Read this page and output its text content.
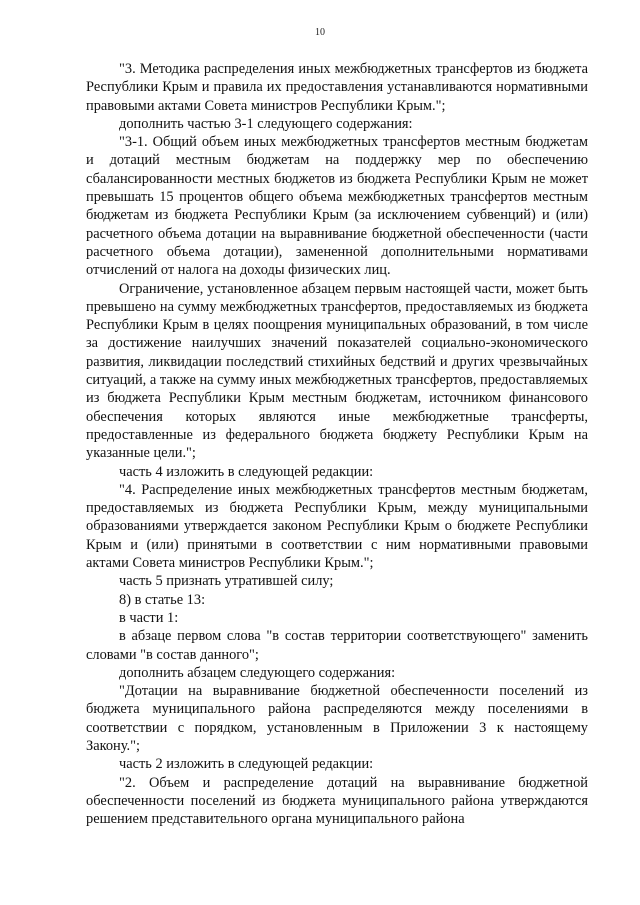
10

"3. Методика распределения иных межбюджетных трансфертов из бюджета Республики Крым и правила их предоставления устанавливаются нормативными правовыми актами Совета министров Республики Крым.";

дополнить частью 3-1 следующего содержания:

"3-1. Общий объем иных межбюджетных трансфертов местным бюджетам и дотаций местным бюджетам на поддержку мер по обеспечению сбалансированности местных бюджетов из бюджета Республики Крым не может превышать 15 процентов общего объема межбюджетных трансфертов местным бюджетам из бюджета Республики Крым (за исключением субвенций) и (или) расчетного объема дотации на выравнивание бюджетной обеспеченности (части расчетного объема дотации), замененной дополнительными нормативами отчислений от налога на доходы физических лиц.

Ограничение, установленное абзацем первым настоящей части, может быть превышено на сумму межбюджетных трансфертов, предоставляемых из бюджета Республики Крым в целях поощрения муниципальных образований, в том числе за достижение наилучших значений показателей социально-экономического развития, ликвидации последствий стихийных бедствий и других чрезвычайных ситуаций, а также на сумму иных межбюджетных трансфертов, предоставляемых из бюджета Республики Крым местным бюджетам, источником финансового обеспечения которых являются иные межбюджетные трансферты, предоставленные из федерального бюджета бюджету Республики Крым на указанные цели.";

часть 4 изложить в следующей редакции:

"4. Распределение иных межбюджетных трансфертов местным бюджетам, предоставляемых из бюджета Республики Крым, между муниципальными образованиями утверждается законом Республики Крым о бюджете Республики Крым и (или) принятыми в соответствии с ним нормативными правовыми актами Совета министров Республики Крым.";

часть 5 признать утратившей силу;

8) в статье 13:

в части 1:

в абзаце первом слова "в состав территории соответствующего" заменить словами "в состав данного";

дополнить абзацем следующего содержания:

"Дотации на выравнивание бюджетной обеспеченности поселений из бюджета муниципального района распределяются между поселениями в соответствии с порядком, установленным в Приложении 3 к настоящему Закону.";

часть 2 изложить в следующей редакции:

"2. Объем и распределение дотаций на выравнивание бюджетной обеспеченности поселений из бюджета муниципального района утверждаются решением представительного органа муниципального района
